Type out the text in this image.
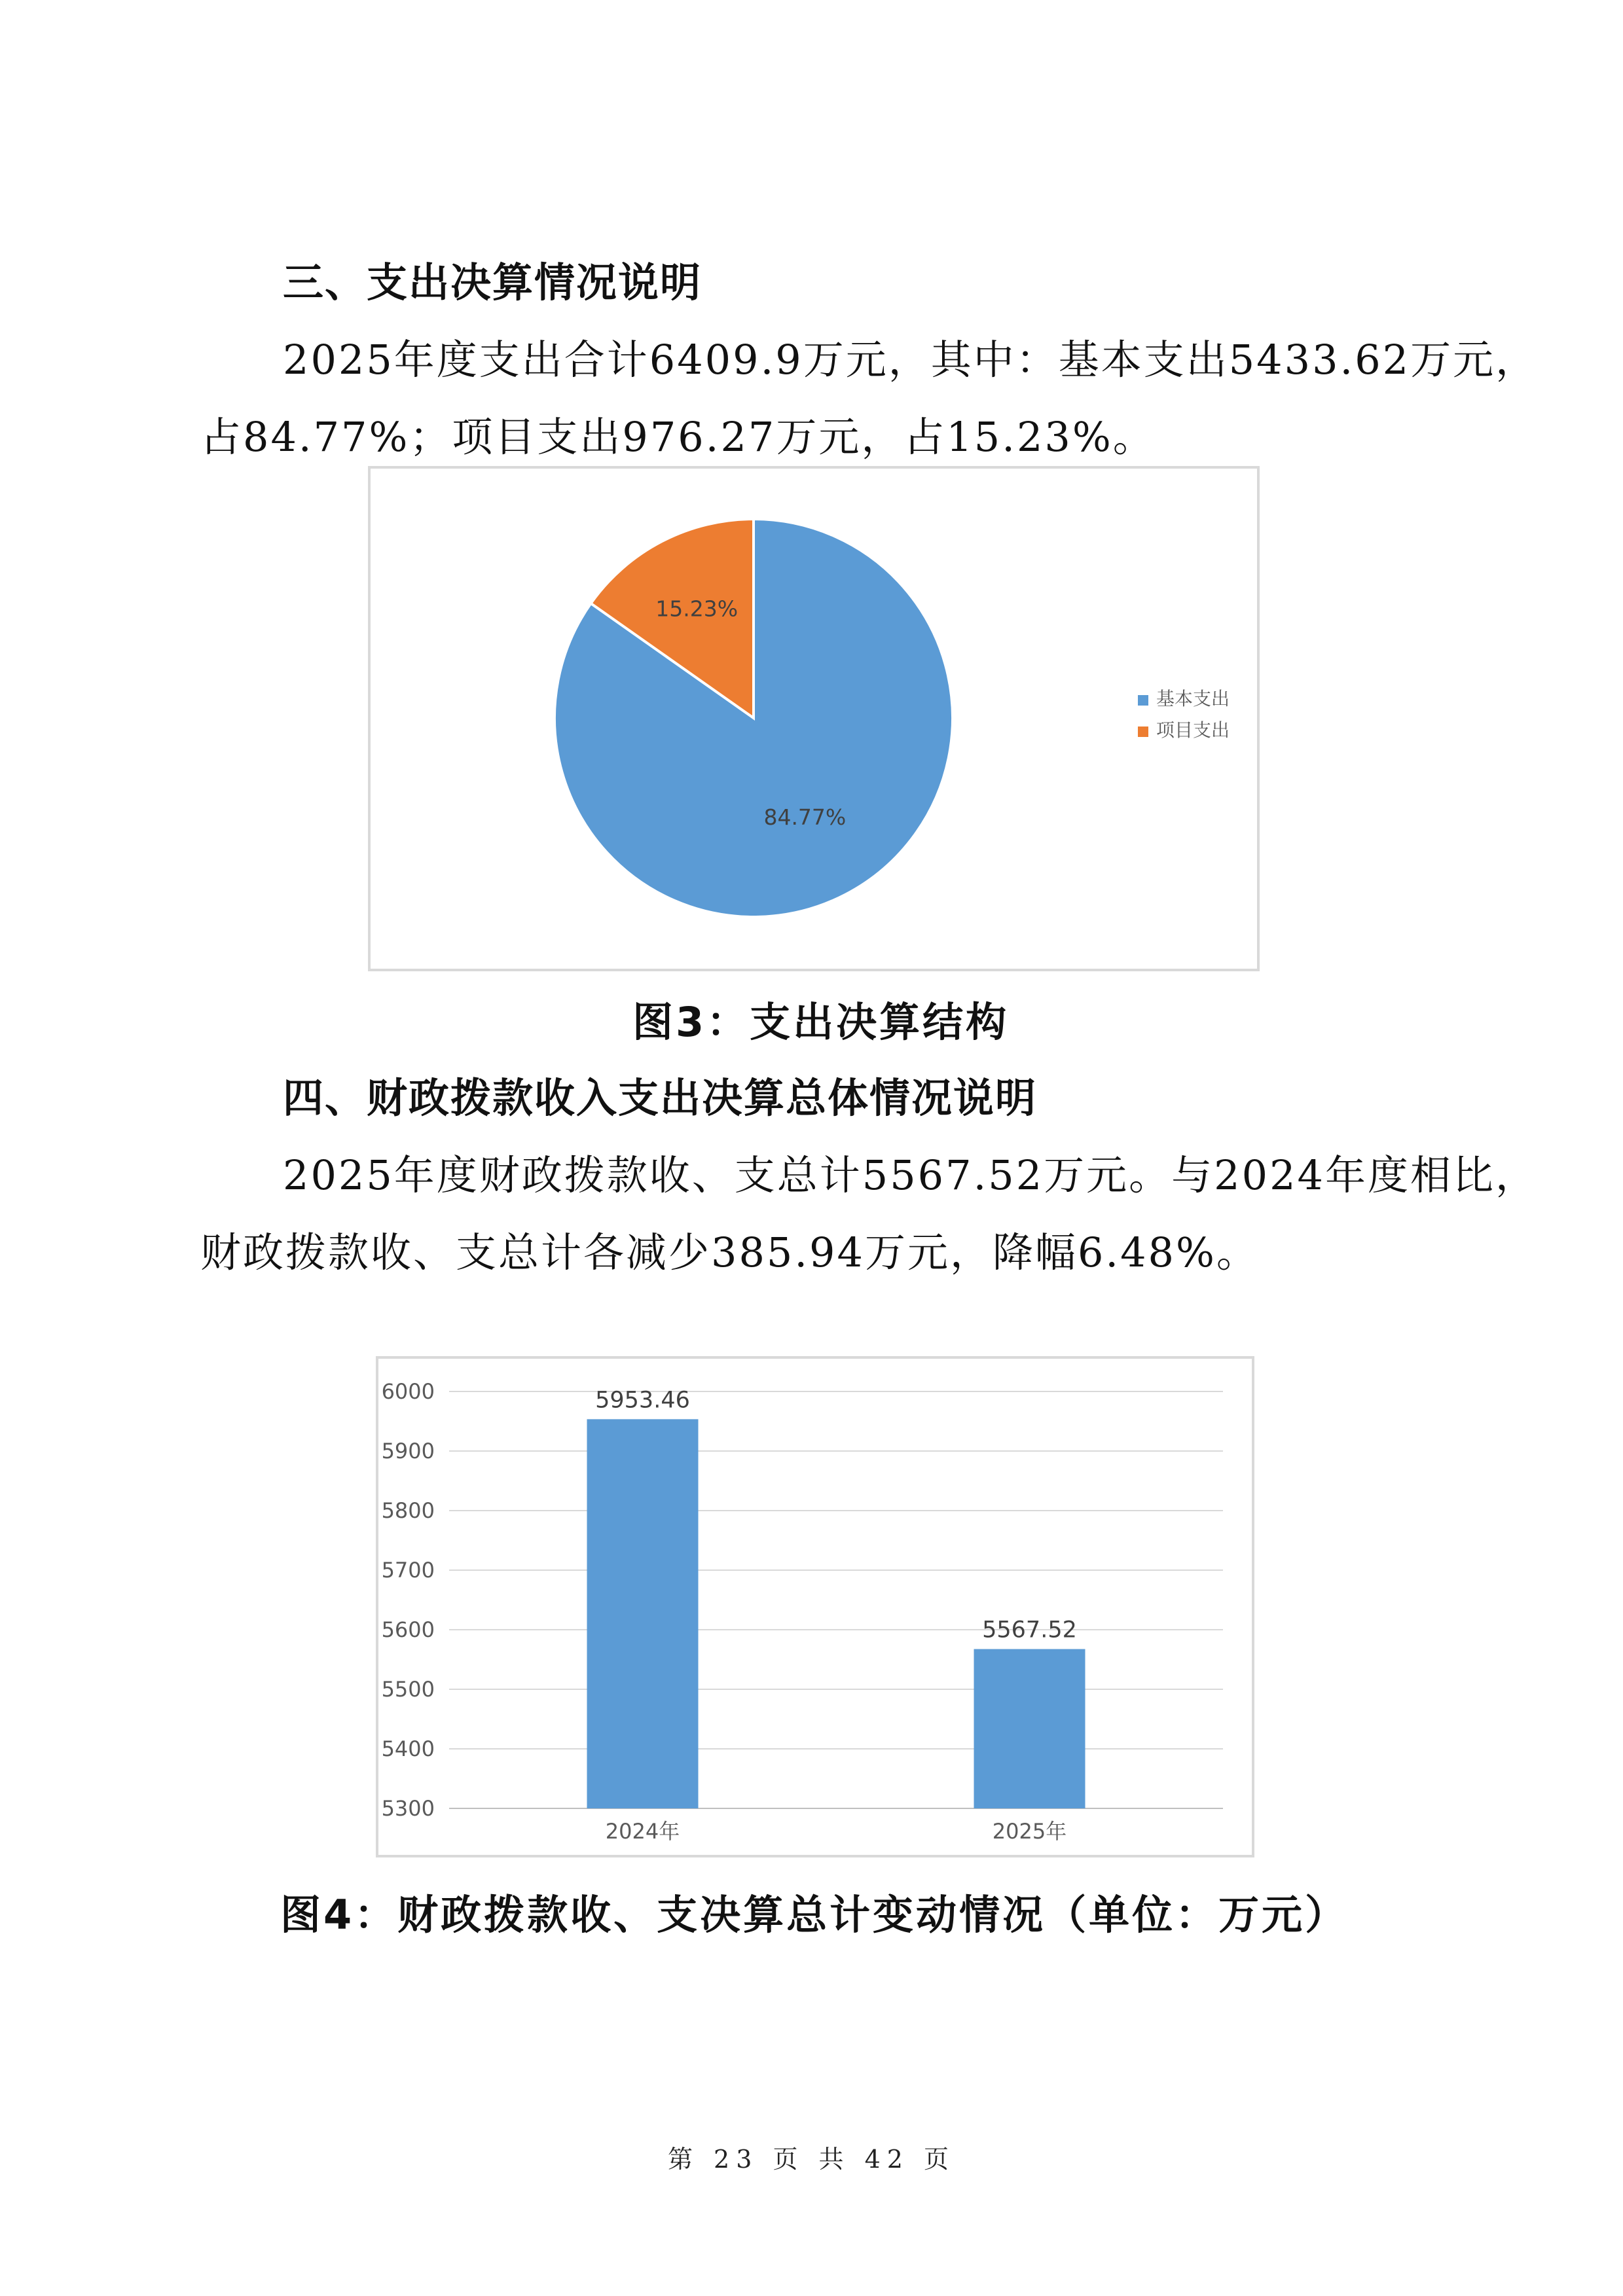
三、支出决算情况说明
2025年度支出合计6409.9万元，其中：基本支出5433.62万元，
占84.77%；项目支出976.27万元，占15.23%。
84.77%
15.23%
基本支出
项目支出
图3：支出决算结构
四、财政拨款收入支出决算总体情况说明
2025年度财政拨款收、支总计5567.52万元。与2024年度相比，
财政拨款收、支总计各减少385.94万元，降幅6.48%。
6000
5900
5800
5700
5600
5500
5400
5300
5953.46
5567.52
2024年	2025年
图4：财政拨款收、支决算总计变动情况（单位：万元）
第 23 页 共 42 页
